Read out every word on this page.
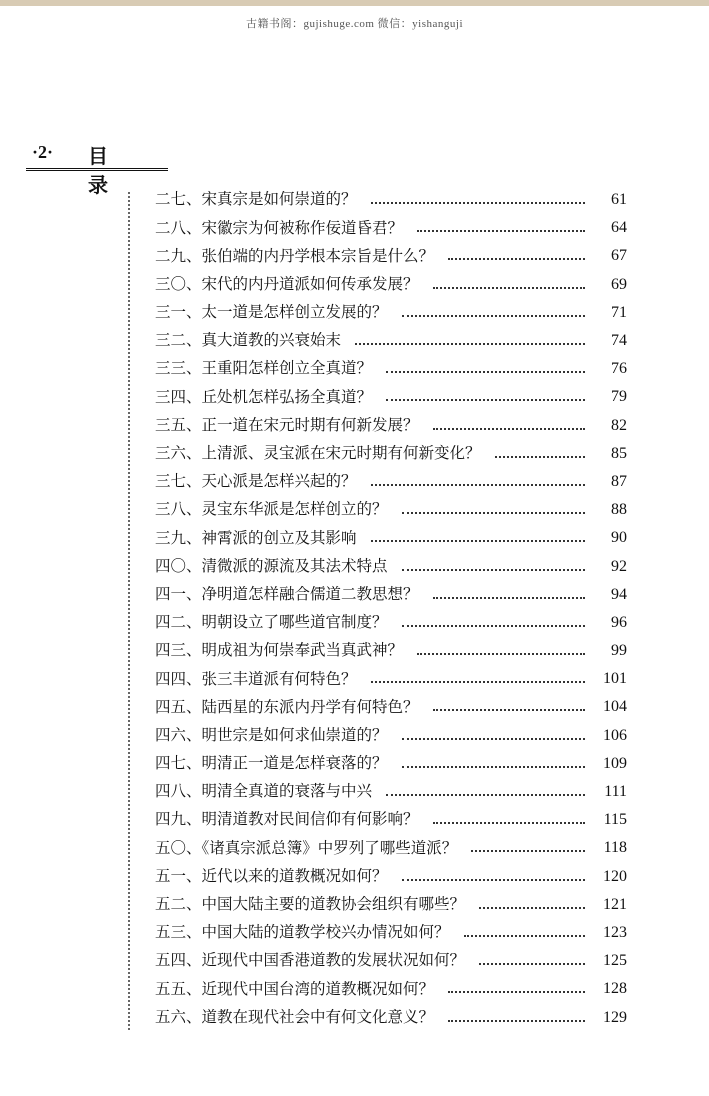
古籍书阁：gujishuge.com 微信：yishanguji
·2· 目 录
二七、宋真宗是如何崇道的？	61
二八、宋徽宗为何被称作佞道昏君？	64
二九、张伯端的内丹学根本宗旨是什么？	67
三〇、宋代的内丹道派如何传承发展？	69
三一、太一道是怎样创立发展的？	71
三二、真大道教的兴衰始末	74
三三、王重阳怎样创立全真道？	76
三四、丘处机怎样弘扬全真道？	79
三五、正一道在宋元时期有何新发展？	82
三六、上清派、灵宝派在宋元时期有何新变化？	85
三七、天心派是怎样兴起的？	87
三八、灵宝东华派是怎样创立的？	88
三九、神霄派的创立及其影响	90
四〇、清微派的源流及其法术特点	92
四一、净明道怎样融合儒道二教思想？	94
四二、明朝设立了哪些道官制度？	96
四三、明成祖为何崇奉武当真武神？	99
四四、张三丰道派有何特色？	101
四五、陆西星的东派内丹学有何特色？	104
四六、明世宗是如何求仙崇道的？	106
四七、明清正一道是怎样衰落的？	109
四八、明清全真道的衰落与中兴	111
四九、明清道教对民间信仰有何影响？	115
五〇、《诸真宗派总簿》中罗列了哪些道派？	118
五一、近代以来的道教概况如何？	120
五二、中国大陆主要的道教协会组织有哪些？	121
五三、中国大陆的道教学校兴办情况如何？	123
五四、近现代中国香港道教的发展状况如何？	125
五五、近现代中国台湾的道教概况如何？	128
五六、道教在现代社会中有何文化意义？	129
